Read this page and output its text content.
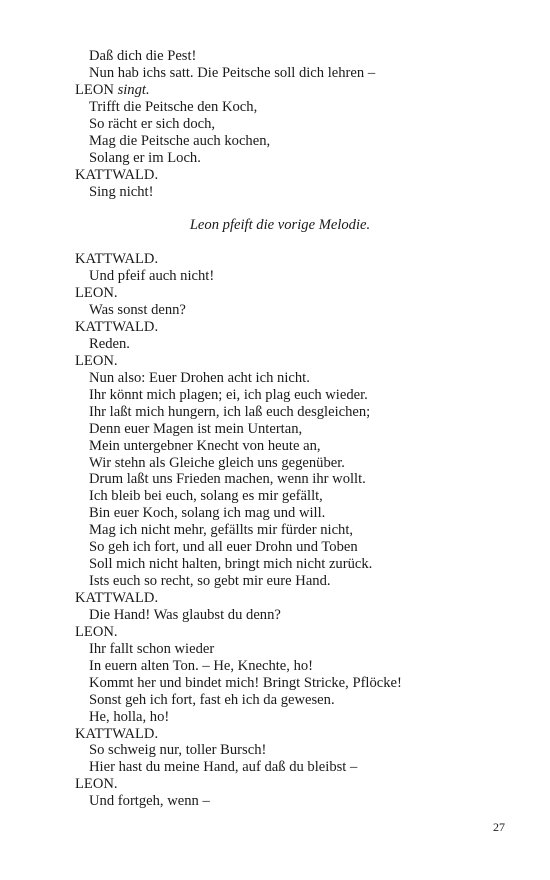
Daß dich die Pest!
Nun hab ichs satt. Die Peitsche soll dich lehren –
LEON singt.
Trifft die Peitsche den Koch,
So rächt er sich doch,
Mag die Peitsche auch kochen,
Solang er im Loch.
KATTWALD.
Sing nicht!
Leon pfeift die vorige Melodie.
KATTWALD.
Und pfeif auch nicht!
LEON.
Was sonst denn?
KATTWALD.
Reden.
LEON.
Nun also: Euer Drohen acht ich nicht.
Ihr könnt mich plagen; ei, ich plag euch wieder.
Ihr laßt mich hungern, ich laß euch desgleichen;
Denn euer Magen ist mein Untertan,
Mein untergebner Knecht von heute an,
Wir stehn als Gleiche gleich uns gegenüber.
Drum laßt uns Frieden machen, wenn ihr wollt.
Ich bleib bei euch, solang es mir gefällt,
Bin euer Koch, solang ich mag und will.
Mag ich nicht mehr, gefällts mir fürder nicht,
So geh ich fort, und all euer Drohn und Toben
Soll mich nicht halten, bringt mich nicht zurück.
Ists euch so recht, so gebt mir eure Hand.
KATTWALD.
Die Hand! Was glaubst du denn?
LEON.
Ihr fallt schon wieder
In euern alten Ton. – He, Knechte, ho!
Kommt her und bindet mich! Bringt Stricke, Pflöcke!
Sonst geh ich fort, fast eh ich da gewesen.
He, holla, ho!
KATTWALD.
So schweig nur, toller Bursch!
Hier hast du meine Hand, auf daß du bleibst –
LEON.
Und fortgeh, wenn –
27
